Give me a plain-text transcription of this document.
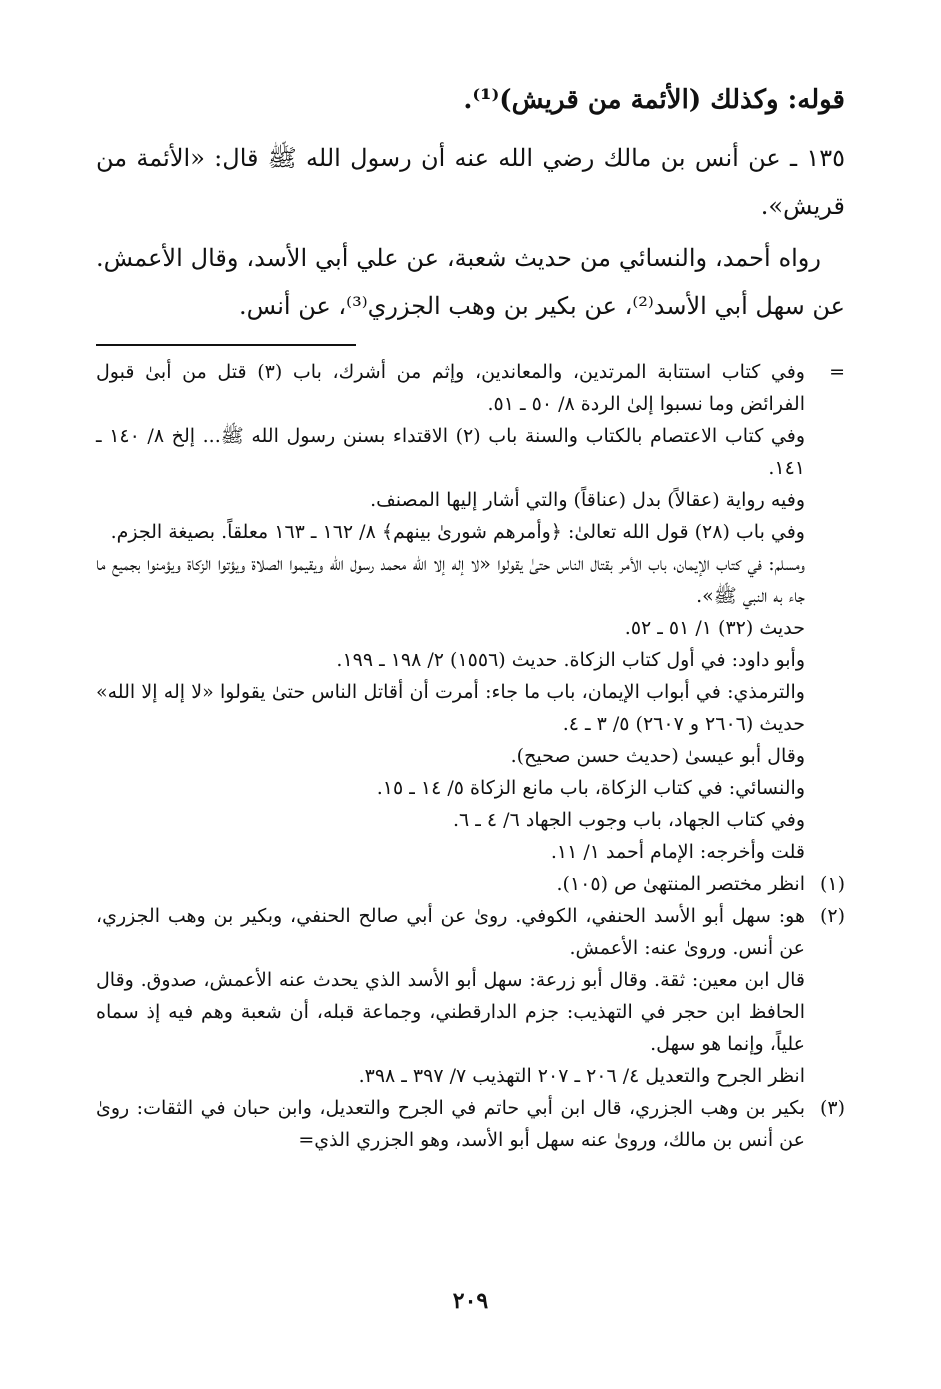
قوله: وكذلك (الأئمة من قريش)⁽¹⁾.

١٣٥ ـ عن أنس بن مالك رضي الله عنه أن رسول الله ﷺ قال: «الأئمة من قريش».

رواه أحمد، والنسائي من حديث شعبة، عن علي أبي الأسد، وقال الأعمش. عن سهل أبي الأسد⁽²⁾، عن بكير بن وهب الجزري⁽³⁾، عن أنس.

=

وفي كتاب استتابة المرتدين، والمعاندين، وإثم من أشرك، باب (٣) قتل من أبىٰ قبول الفرائض وما نسبوا إلىٰ الردة ٨/ ٥٠ ـ ٥١.

وفي كتاب الاعتصام بالكتاب والسنة باب (٢) الاقتداء بسنن رسول الله ﷺ... إلخ ٨/ ١٤٠ ـ ١٤١.

وفيه رواية (عقالاً) بدل (عناقاً) والتي أشار إليها المصنف.

وفي باب (٢٨) قول الله تعالىٰ: ﴿وأمرهم شورىٰ بينهم﴾ ٨/ ١٦٢ ـ ١٦٣ معلقاً. بصيغة الجزم.

ومسلم: في كتاب الإيمان، باب الأمر بقتال الناس حتىٰ يقولوا «لا إله إلا الله محمد رسول الله ويقيموا الصلاة ويؤتوا الزكاة ويؤمنوا بجميع ما جاء به النبي ﷺ».

حديث (٣٢) ١/ ٥١ ـ ٥٢.

وأبو داود: في أول كتاب الزكاة. حديث (١٥٥٦) ٢/ ١٩٨ ـ ١٩٩.

والترمذي: في أبواب الإيمان، باب ما جاء: أمرت أن أقاتل الناس حتىٰ يقولوا «لا إله إلا الله» حديث (٢٦٠٦ و ٢٦٠٧) ٥/ ٣ ـ ٤.

وقال أبو عيسىٰ (حديث حسن صحيح).

والنسائي: في كتاب الزكاة، باب مانع الزكاة ٥/ ١٤ ـ ١٥.

وفي كتاب الجهاد، باب وجوب الجهاد ٦/ ٤ ـ ٦.

قلت وأخرجه: الإمام أحمد ١/ ١١.

(١)

انظر مختصر المنتهىٰ ص (١٠٥).

(٢)

هو: سهل أبو الأسد الحنفي، الكوفي. روىٰ عن أبي صالح الحنفي، وبكير بن وهب الجزري، عن أنس. وروىٰ عنه: الأعمش.

قال ابن معين: ثقة. وقال أبو زرعة: سهل أبو الأسد الذي يحدث عنه الأعمش، صدوق. وقال الحافظ ابن حجر في التهذيب: جزم الدارقطني، وجماعة قبله، أن شعبة وهم فيه إذ سماه علياً، وإنما هو سهل.

انظر الجرح والتعديل ٤/ ٢٠٦ ـ ٢٠٧ التهذيب ٧/ ٣٩٧ ـ ٣٩٨.

(٣)

بكير بن وهب الجزري، قال ابن أبي حاتم في الجرح والتعديل، وابن حبان في الثقات: روىٰ عن أنس بن مالك، وروىٰ عنه سهل أبو الأسد، وهو الجزري الذي=

٢٠٩
